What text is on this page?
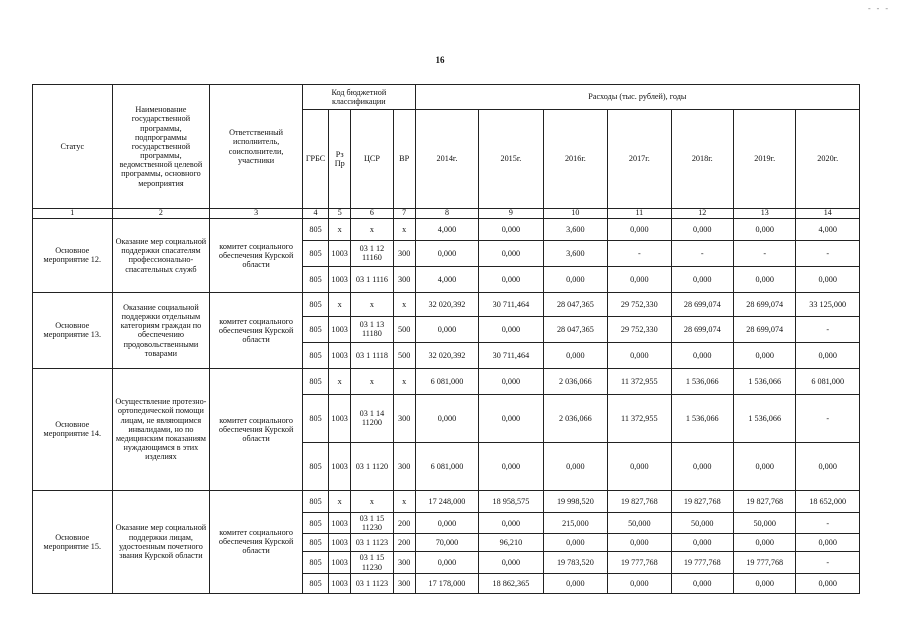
- - -
16
Статус	Наименование государственной программы, подпрограммы государственной программы, ведомственной целевой программы, основного мероприятия	Ответственный исполнитель, соисполнители, участники	Код бюджетной классификации				Расходы (тыс. рублей), годы						
			ГРБС	Рз Пр	ЦСР	ВР	2014г.	2015г.	2016г.	2017г.	2018г.	2019г.	2020г.
1	2	3	4	5	6	7	8	9	10	11	12	13	14
Основное мероприятие 12.	Оказание мер социальной поддержки спасателям профессионально-спасательных служб	комитет социального обеспечения Курской области	805	х	х	х	4,000	0,000	3,600	0,000	0,000	0,000	4,000
			805	1003	03 1 12 11160	300	0,000	0,000	3,600	-	-	-	-
			805	1003	03 1 1116	300	4,000	0,000	0,000	0,000	0,000	0,000	0,000
Основное мероприятие 13.	Оказание социальной поддержки отдельным категориям граждан по обеспечению продовольственными товарами	комитет социального обеспечения Курской области	805	х	х	х	32 020,392	30 711,464	28 047,365	29 752,330	28 699,074	28 699,074	33 125,000
			805	1003	03 1 13 11180	500	0,000	0,000	28 047,365	29 752,330	28 699,074	28 699,074	-
			805	1003	03 1 1118	500	32 020,392	30 711,464	0,000	0,000	0,000	0,000	0,000
Основное мероприятие 14.	Осуществление протезно-ортопедической помощи лицам, не являющимся инвалидами, но по медицинским показаниям нуждающимся в этих изделиях	комитет социального обеспечения Курской области	805	х	х	х	6 081,000	0,000	2 036,066	11 372,955	1 536,066	1 536,066	6 081,000
			805	1003	03 1 14 11200	300	0,000	0,000	2 036,066	11 372,955	1 536,066	1 536,066	-
			805	1003	03 1 1120	300	6 081,000	0,000	0,000	0,000	0,000	0,000	0,000
Основное мероприятие 15.	Оказание мер социальной поддержки лицам, удостоенным почетного звания Курской области	комитет социального обеспечения Курской области	805	х	х	х	17 248,000	18 958,575	19 998,520	19 827,768	19 827,768	19 827,768	18 652,000
			805	1003	03 1 15 11230	200	0,000	0,000	215,000	50,000	50,000	50,000	-
			805	1003	03 1 1123	200	70,000	96,210	0,000	0,000	0,000	0,000	0,000
			805	1003	03 1 15 11230	300	0,000	0,000	19 783,520	19 777,768	19 777,768	19 777,768	-
			805	1003	03 1 1123	300	17 178,000	18 862,365	0,000	0,000	0,000	0,000	0,000
